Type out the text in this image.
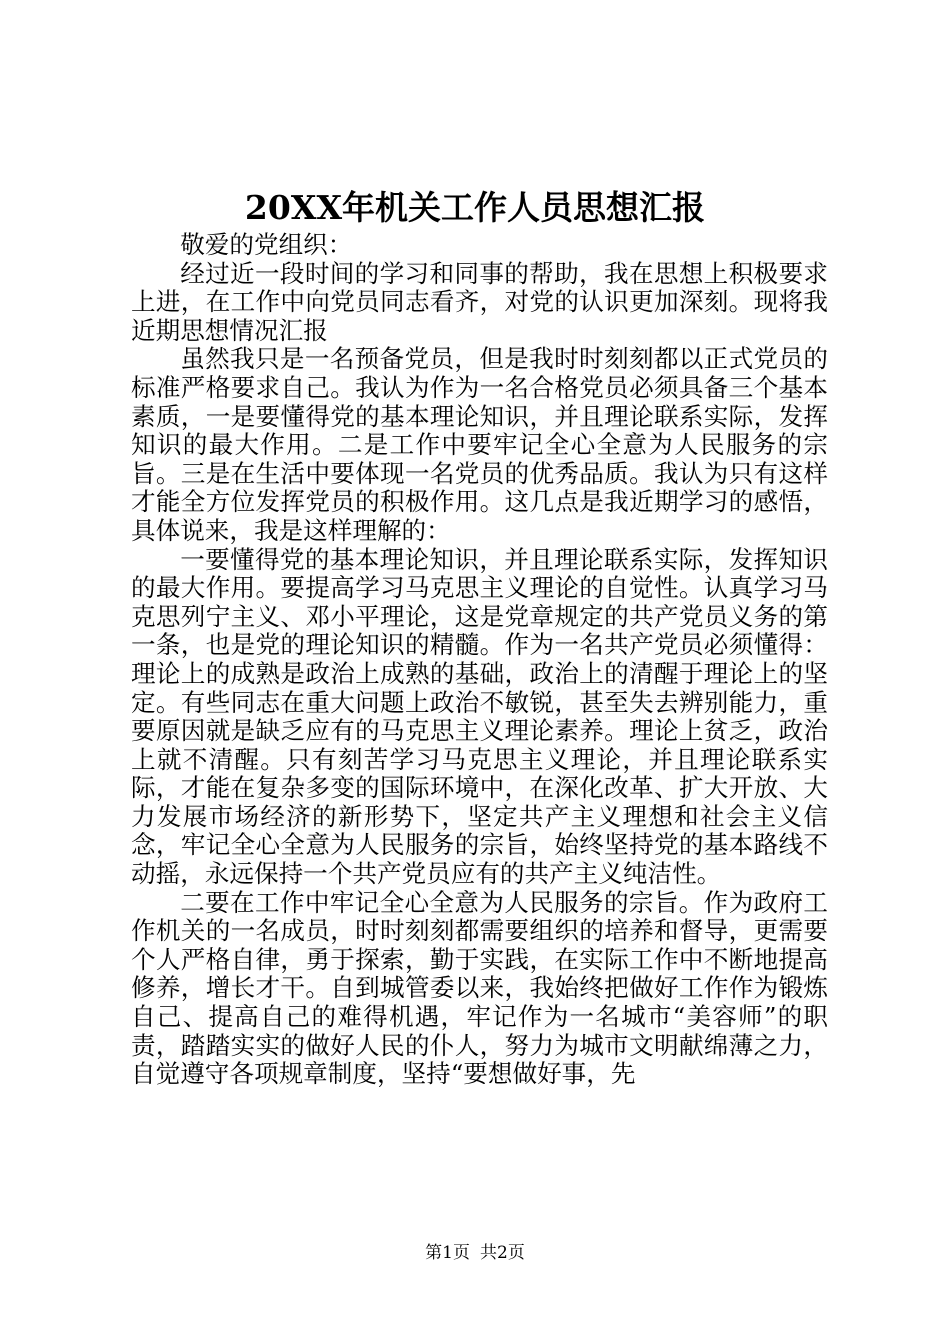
20XX年机关工作人员思想汇报

敬爱的党组织：

经过近一段时间的学习和同事的帮助，我在思想上积极要求上进，在工作中向党员同志看齐，对党的认识更加深刻。现将我近期思想情况汇报

虽然我只是一名预备党员，但是我时时刻刻都以正式党员的标准严格要求自己。我认为作为一名合格党员必须具备三个基本素质，一是要懂得党的基本理论知识，并且理论联系实际，发挥知识的最大作用。二是工作中要牢记全心全意为人民服务的宗旨。三是在生活中要体现一名党员的优秀品质。我认为只有这样才能全方位发挥党员的积极作用。这几点是我近期学习的感悟，具体说来，我是这样理解的：

一要懂得党的基本理论知识，并且理论联系实际，发挥知识的最大作用。要提高学习马克思主义理论的自觉性。认真学习马克思列宁主义、邓小平理论，这是党章规定的共产党员义务的第一条，也是党的理论知识的精髓。作为一名共产党员必须懂得：理论上的成熟是政治上成熟的基础，政治上的清醒于理论上的坚定。有些同志在重大问题上政治不敏锐，甚至失去辨别能力，重要原因就是缺乏应有的马克思主义理论素养。理论上贫乏，政治上就不清醒。只有刻苦学习马克思主义理论，并且理论联系实际，才能在复杂多变的国际环境中，在深化改革、扩大开放、大力发展市场经济的新形势下，坚定共产主义理想和社会主义信念，牢记全心全意为人民服务的宗旨，始终坚持党的基本路线不动摇，永远保持一个共产党员应有的共产主义纯洁性。

二要在工作中牢记全心全意为人民服务的宗旨。作为政府工作机关的一名成员，时时刻刻都需要组织的培养和督导，更需要个人严格自律，勇于探索，勤于实践，在实际工作中不断地提高修养，增长才干。自到城管委以来，我始终把做好工作作为锻炼自己、提高自己的难得机遇，牢记作为一名城市“美容师”的职责，踏踏实实的做好人民的仆人，努力为城市文明献绵薄之力，自觉遵守各项规章制度，坚持“要想做好事，先

第1页 共2页
